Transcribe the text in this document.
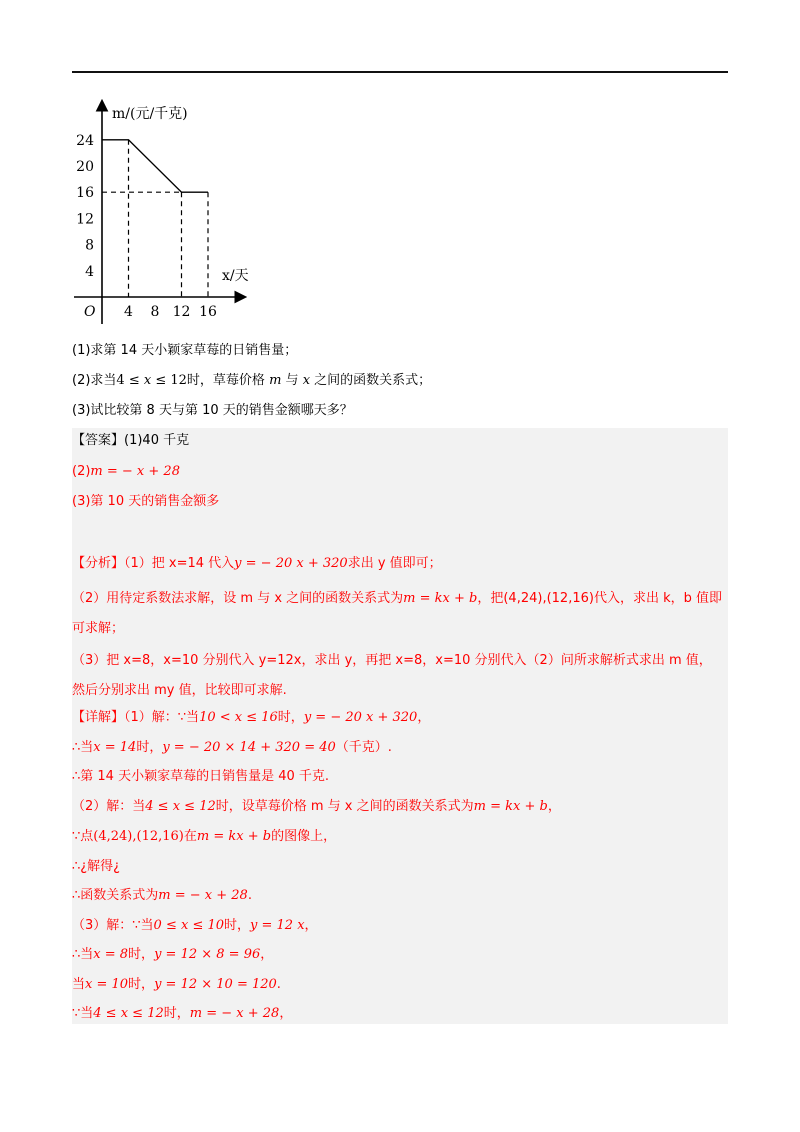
m/(元/千克)
x/天
O
24
20
16
12
8
4
4 8 12 16
(1)求第 14 天小颖家草莓的日销售量；
(2)求当4 ≤ x ≤ 12时，草莓价格 m 与 x 之间的函数关系式；
(3)试比较第 8 天与第 10 天的销售金额哪天多？
【答案】(1)40 千克
(2)m = − x + 28
(3)第 10 天的销售金额多
【分析】（1）把 x=14 代入y = − 20 x + 320求出 y 值即可；
（2）用待定系数法求解，设 m 与 x 之间的函数关系式为m = kx + b，把(4,24),(12,16)代入，求出 k，b 值即可求解；
（3）把 x=8，x=10 分别代入 y=12x，求出 y，再把 x=8，x=10 分别代入（2）问所求解析式求出 m 值，然后分别求出 my 值，比较即可求解.
【详解】（1）解：∵当10 < x ≤ 16时，y = − 20 x + 320，
∴当x = 14时，y = − 20 × 14 + 320 = 40（千克）.
∴第 14 天小颖家草莓的日销售量是 40 千克.
（2）解：当4 ≤ x ≤ 12时，设草莓价格 m 与 x 之间的函数关系式为m = kx + b，
∵点(4,24),(12,16)在m = kx + b的图像上，
∴¿解得¿
∴函数关系式为m = − x + 28.
（3）解：∵当0 ≤ x ≤ 10时，y = 12 x，
∴当x = 8时，y = 12 × 8 = 96，
当x = 10时，y = 12 × 10 = 120.
∵当4 ≤ x ≤ 12时，m = − x + 28，
